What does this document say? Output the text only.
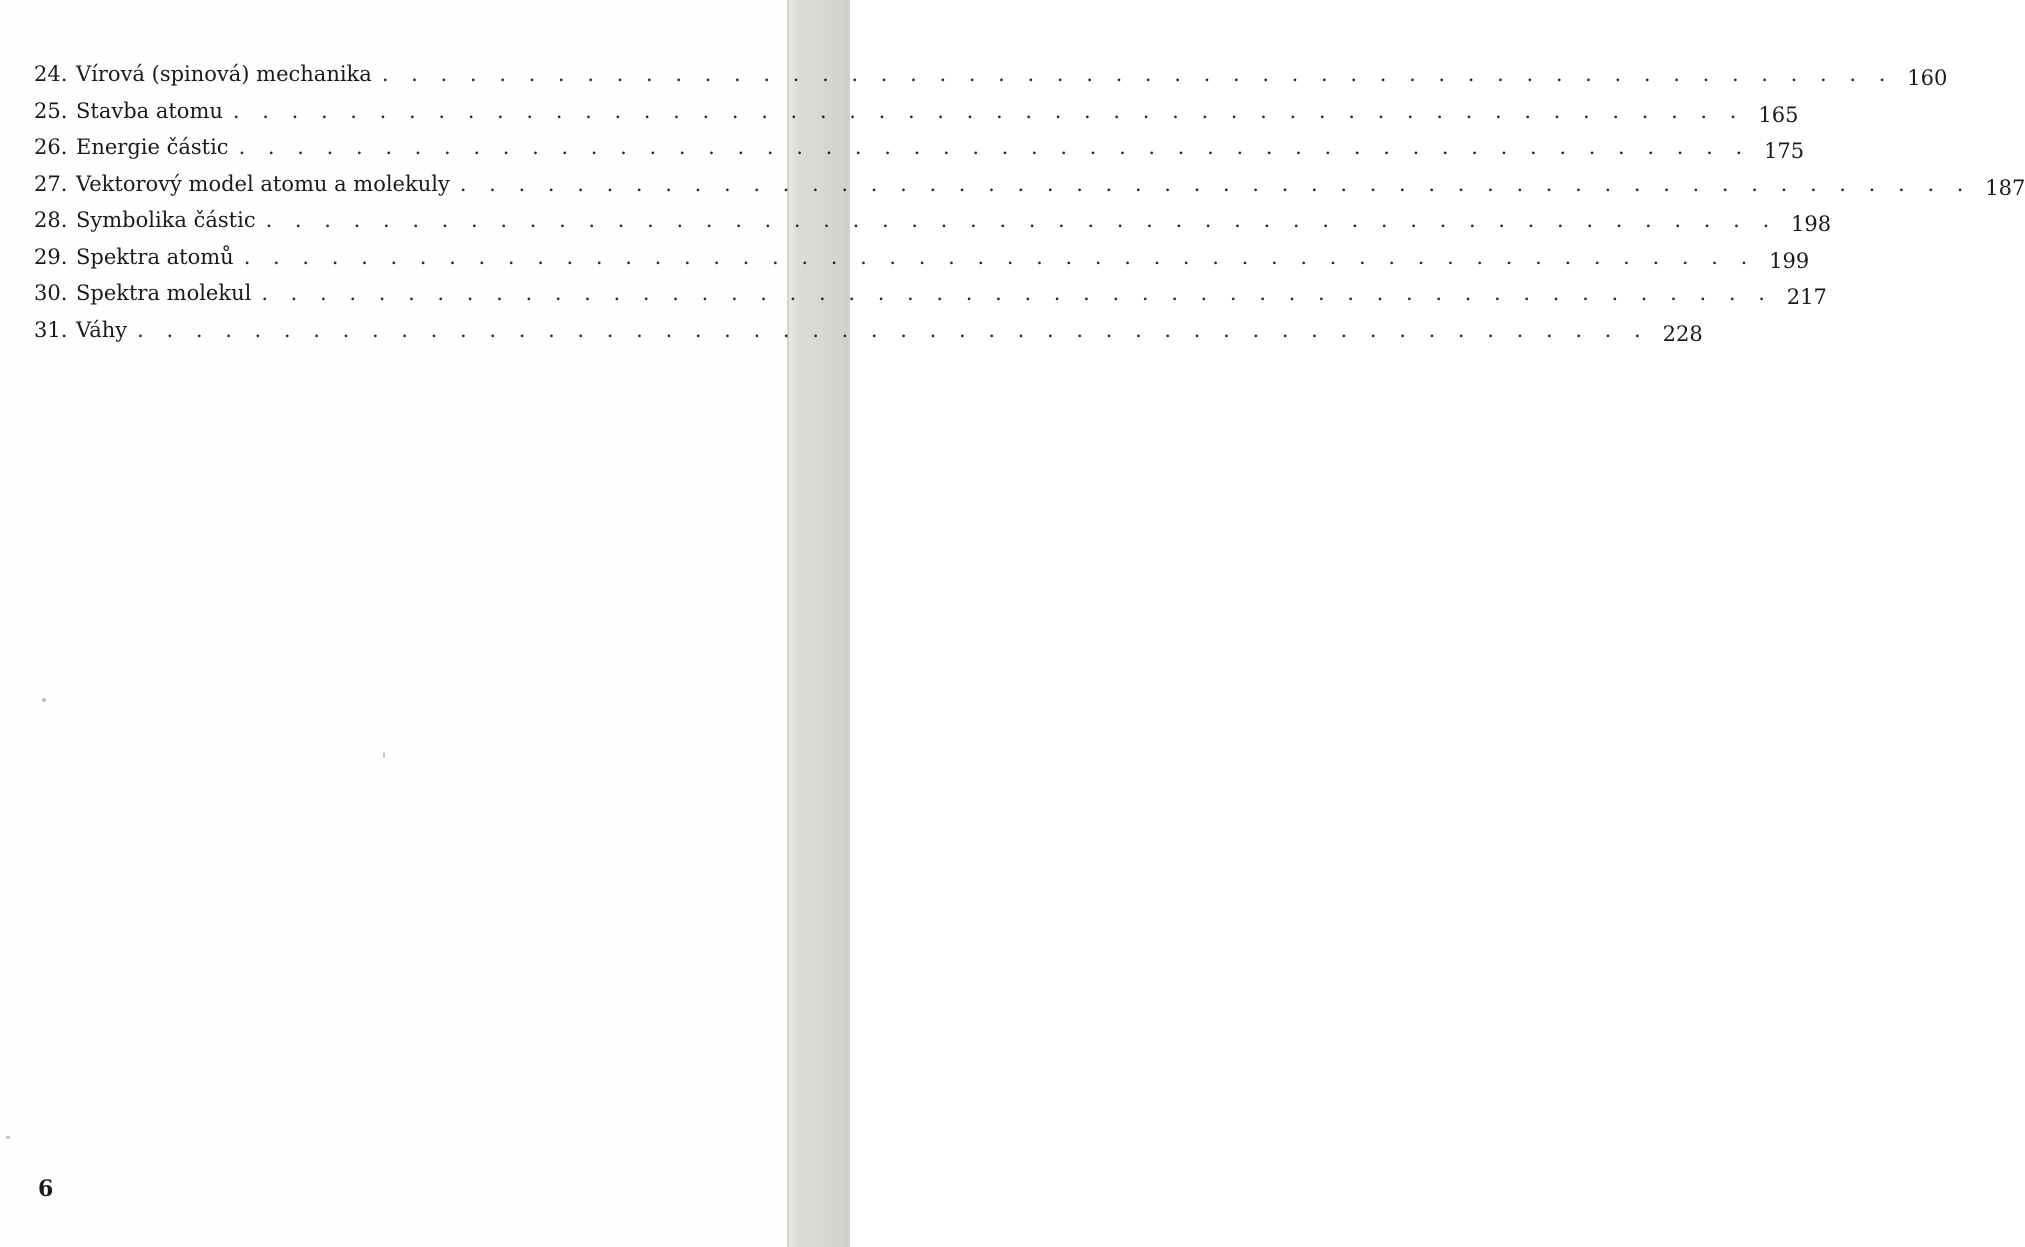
24. Vírová (spinová) mechanika . . . . . . . . . . . . . . . . . . . . . . . . . . . . . . . . . . . . . . . . . . . . . . . . . . . . 160
25. Stavba atomu . . . . . . . . . . . . . . . . . . . . . . . . . . . . . . . . . . . . . . . . . . . . . . . . . . . . 165
26. Energie částic . . . . . . . . . . . . . . . . . . . . . . . . . . . . . . . . . . . . . . . . . . . . . . . . . . . . 175
27. Vektorový model atomu a molekuly . . . . . . . . . . . . . . . . . . . . . . . . . . . . . . . . . . . . . . . . . . . . . . . . . . . . 187
28. Symbolika částic . . . . . . . . . . . . . . . . . . . . . . . . . . . . . . . . . . . . . . . . . . . . . . . . . . . . 198
29. Spektra atomů . . . . . . . . . . . . . . . . . . . . . . . . . . . . . . . . . . . . . . . . . . . . . . . . . . . . 199
30. Spektra molekul . . . . . . . . . . . . . . . . . . . . . . . . . . . . . . . . . . . . . . . . . . . . . . . . . . . . 217
31. Váhy . . . . . . . . . . . . . . . . . . . . . . . . . . . . . . . . . . . . . . . . . . . . . . . . . . . . 228
6
